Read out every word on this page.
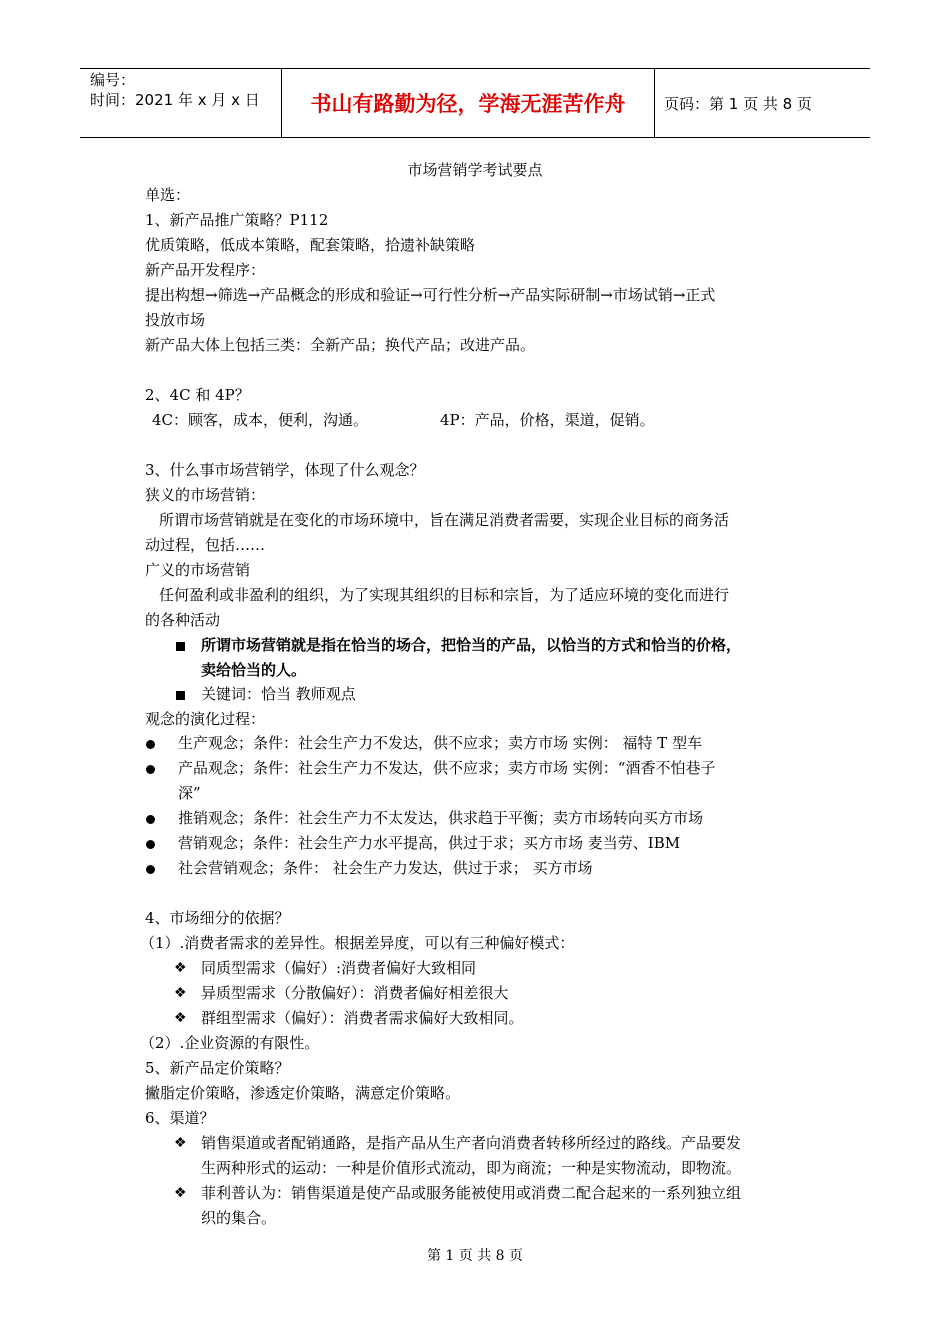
编号：
时间：2021 年 x 月 x 日	书山有路勤为径，学海无涯苦作舟	页码：第 1 页 共 8 页
市场营销学考试要点
单选：
1、新产品推广策略？P112
优质策略，低成本策略，配套策略，拾遗补缺策略
新产品开发程序：
提出构想→筛选→产品概念的形成和验证→可行性分析→产品实际研制→市场试销→正式
投放市场
新产品大体上包括三类：全新产品；换代产品；改进产品。
2、4C 和 4P？
4C：顾客，成本，便利，沟通。	4P：产品，价格，渠道，促销。
3、什么事市场营销学，体现了什么观念？
狭义的市场营销：
所谓市场营销就是在变化的市场环境中，旨在满足消费者需要，实现企业目标的商务活
动过程，包括……
广义的市场营销
任何盈利或非盈利的组织，为了实现其组织的目标和宗旨，为了适应环境的变化而进行
的各种活动
所谓市场营销就是指在恰当的场合，把恰当的产品，以恰当的方式和恰当的价格，
卖给恰当的人。
关键词：恰当 教师观点
观念的演化过程：
生产观念；条件：社会生产力不发达，供不应求；卖方市场 实例： 福特 T 型车
产品观念；条件：社会生产力不发达，供不应求；卖方市场 实例：“酒香不怕巷子
深”
推销观念；条件：社会生产力不太发达，供求趋于平衡；卖方市场转向买方市场
营销观念；条件：社会生产力水平提高，供过于求；买方市场 麦当劳、IBM
社会营销观念；条件： 社会生产力发达，供过于求； 买方市场
4、市场细分的依据？
（1）.消费者需求的差异性。根据差异度，可以有三种偏好模式：
❖ 同质型需求（偏好）:消费者偏好大致相同
❖ 异质型需求（分散偏好）：消费者偏好相差很大
❖ 群组型需求（偏好）：消费者需求偏好大致相同。
（2）.企业资源的有限性。
5、新产品定价策略？
撇脂定价策略，渗透定价策略，满意定价策略。
6、渠道？
❖ 销售渠道或者配销通路，是指产品从生产者向消费者转移所经过的路线。产品要发
生两种形式的运动：一种是价值形式流动，即为商流；一种是实物流动，即物流。
❖ 菲利普认为：销售渠道是使产品或服务能被使用或消费二配合起来的一系列独立组
织的集合。
第 1 页 共 8 页
